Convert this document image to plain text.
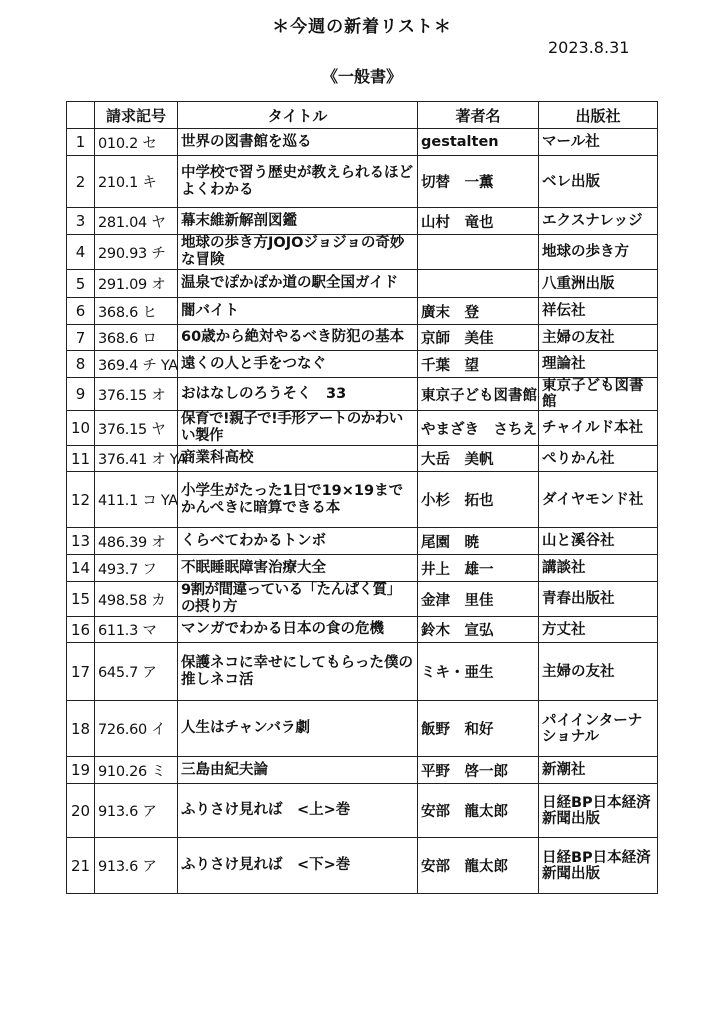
＊今週の新着リスト＊
2023.8.31
《一般書》
	請求記号	タイトル	著者名	出版社
1	010.2 セ	世界の図書館を巡る	gestalten	マール社
2	210.1 キ	中学校で習う歴史が教えられるほどよくわかる	切替　一薫	ベレ出版
3	281.04 ヤ	幕末維新解剖図鑑	山村　竜也	エクスナレッジ
4	290.93 チ	地球の歩き方JOJOジョジョの奇妙な冒険		地球の歩き方
5	291.09 オ	温泉でぽかぽか道の駅全国ガイド		八重洲出版
6	368.6 ヒ	闇バイト	廣末　登	祥伝社
7	368.6 ロ	60歳から絶対やるべき防犯の基本	京師　美佳	主婦の友社
8	369.4 チ YA	遠くの人と手をつなぐ	千葉　望	理論社
9	376.15 オ	おはなしのろうそく　33	東京子ども図書館	東京子ども図書館
10	376.15 ヤ	保育で!親子で!手形アートのかわいい製作	やまざき　さちえ	チャイルド本社
11	376.41 オ YA	商業科高校	大岳　美帆	ぺりかん社
12	411.1 コ YA	小学生がたった1日で19×19までかんぺきに暗算できる本	小杉　拓也	ダイヤモンド社
13	486.39 オ	くらべてわかるトンボ	尾園　暁	山と溪谷社
14	493.7 フ	不眠睡眠障害治療大全	井上　雄一	講談社
15	498.58 カ	9割が間違っている「たんぱく質」の摂り方	金津　里佳	青春出版社
16	611.3 マ	マンガでわかる日本の食の危機	鈴木　宣弘	方丈社
17	645.7 ア	保護ネコに幸せにしてもらった僕の推しネコ活	ミキ・亜生	主婦の友社
18	726.60 イ	人生はチャンバラ劇	飯野　和好	パイインターナショナル
19	910.26 ミ	三島由紀夫論	平野　啓一郎	新潮社
20	913.6 ア	ふりさけ見れば　<上>巻	安部　龍太郎	日経BP日本経済新聞出版
21	913.6 ア	ふりさけ見れば　<下>巻	安部　龍太郎	日経BP日本経済新聞出版
